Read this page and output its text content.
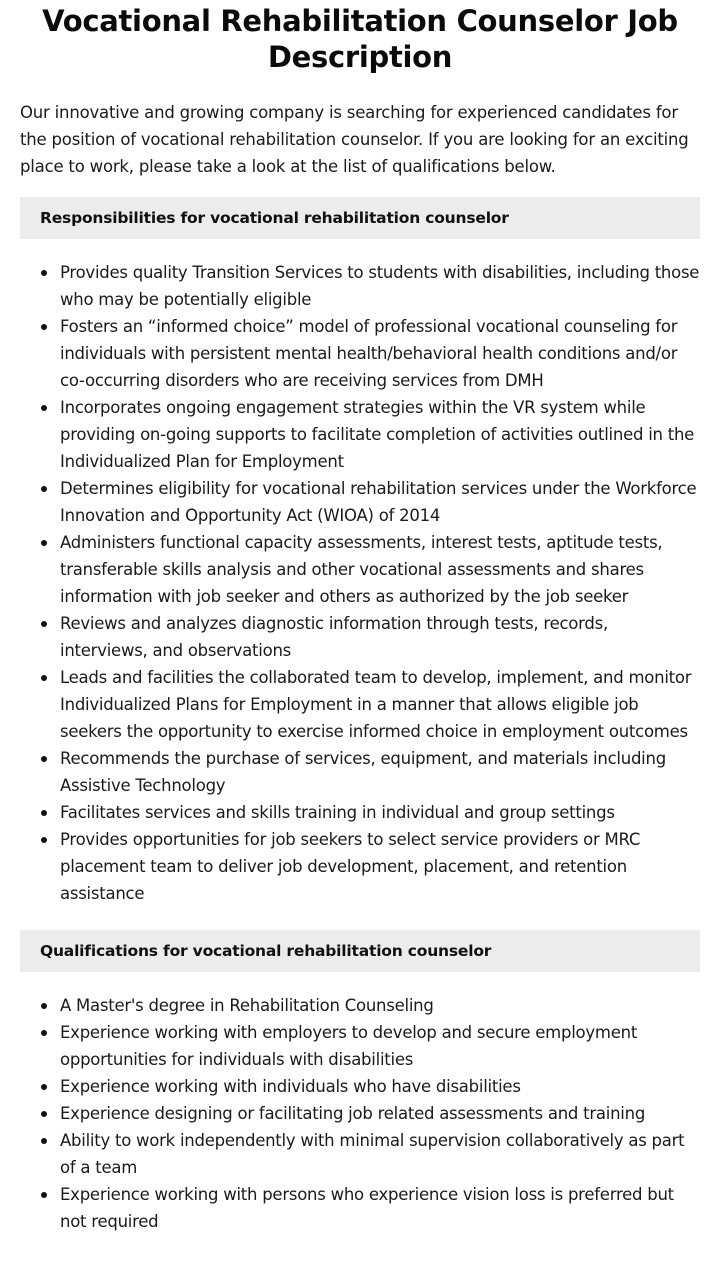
Vocational Rehabilitation Counselor Job Description

Our innovative and growing company is searching for experienced candidates for the position of vocational rehabilitation counselor. If you are looking for an exciting place to work, please take a look at the list of qualifications below.

Responsibilities for vocational rehabilitation counselor
Provides quality Transition Services to students with disabilities, including those who may be potentially eligible
Fosters an “informed choice” model of professional vocational counseling for individuals with persistent mental health/behavioral health conditions and/or co-occurring disorders who are receiving services from DMH
Incorporates ongoing engagement strategies within the VR system while providing on-going supports to facilitate completion of activities outlined in the Individualized Plan for Employment
Determines eligibility for vocational rehabilitation services under the Workforce Innovation and Opportunity Act (WIOA) of 2014
Administers functional capacity assessments, interest tests, aptitude tests, transferable skills analysis and other vocational assessments and shares information with job seeker and others as authorized by the job seeker
Reviews and analyzes diagnostic information through tests, records, interviews, and observations
Leads and facilities the collaborated team to develop, implement, and monitor Individualized Plans for Employment in a manner that allows eligible job seekers the opportunity to exercise informed choice in employment outcomes
Recommends the purchase of services, equipment, and materials including Assistive Technology
Facilitates services and skills training in individual and group settings
Provides opportunities for job seekers to select service providers or MRC placement team to deliver job development, placement, and retention assistance
Qualifications for vocational rehabilitation counselor
A Master's degree in Rehabilitation Counseling
Experience working with employers to develop and secure employment opportunities for individuals with disabilities
Experience working with individuals who have disabilities
Experience designing or facilitating job related assessments and training
Ability to work independently with minimal supervision collaboratively as part of a team
Experience working with persons who experience vision loss is preferred but not required
